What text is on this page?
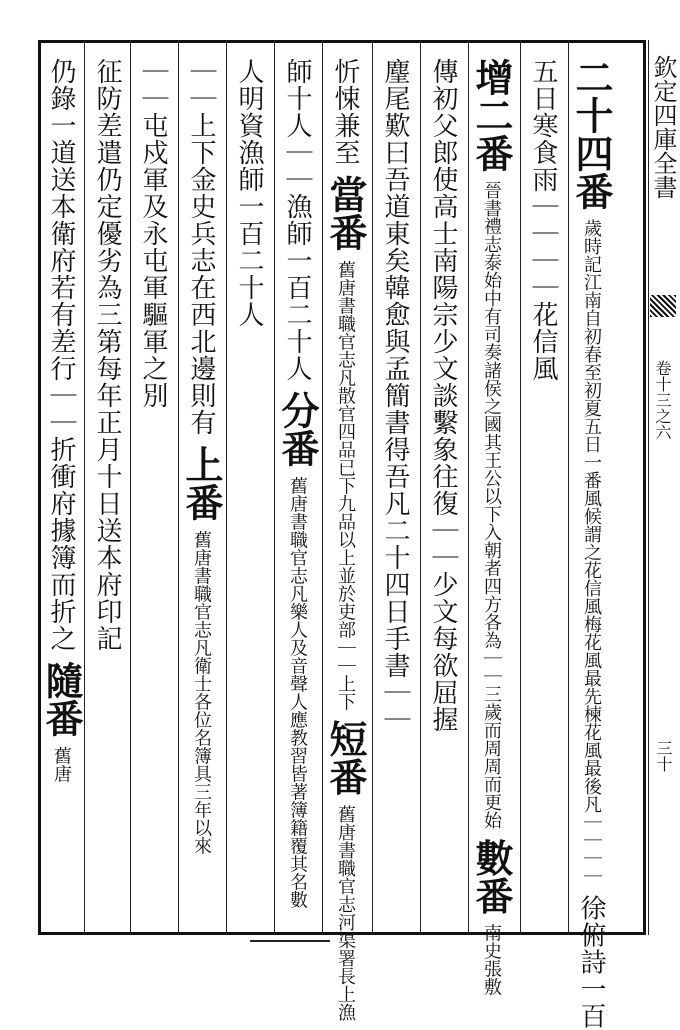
二十四番 歲時記江南自初春至初夏五日一番風候謂之花信風梅花風最先楝花風最後凡｜｜｜｜ 徐俯詩一百
五日寒食雨｜｜｜｜花信風
增二番 晉書禮志泰始中有司奏諸侯之國其王公以下入朝者四方各為｜｜三歲而周周而更始 數番 南史張敷
傳初父郎使高士南陽宗少文談繫象往復｜｜少文每欲屈握
麈尾歎曰吾道東矣韓愈與孟簡書得吾凡二十四日手書｜｜
忻悚兼至 當番 舊唐書職官志凡散官四品已下九品以上並於吏部｜｜上下 短番 舊唐書職官志河渠署長上漁
師十人｜｜漁師一百二十人 分番 舊唐書職官志凡樂人及音聲人應教習皆著簿籍覆其名數
人明資漁師一百二十人
｜｜上下金史兵志在西北邊則有 上番 舊唐書職官志凡衛士各位名簿具三年以來
｜｜屯戍軍及永屯軍驅軍之別
征防差遣仍定優劣為三第每年正月十日送本府印記
仍錄一道送本衛府若有差行｜｜折衝府據簿而折之 隨番 舊唐
欽定四庫全書
卷十三之六
三十
